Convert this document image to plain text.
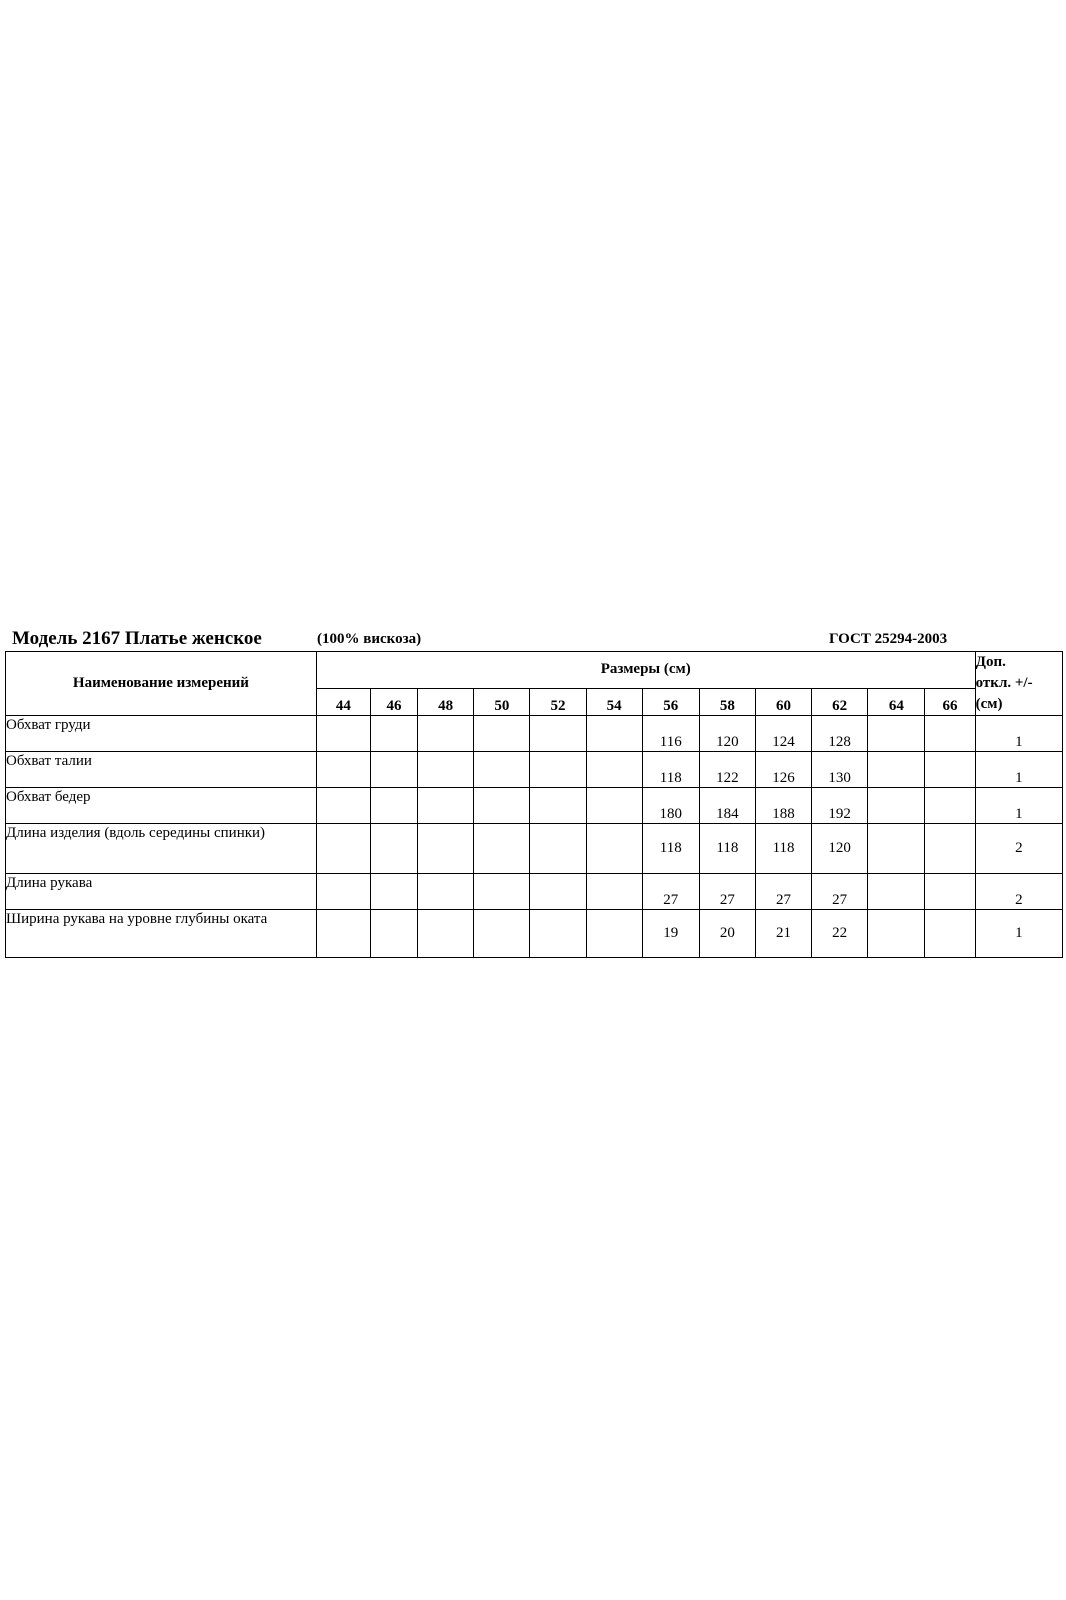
Модель 2167 Платье женское	(100% вискоза)	ГОСТ 25294-2003
Наименование измерений	Размеры (см)												Доп.
откл. +/-
(см)
	44	46	48	50	52	54	56	58	60	62	64	66	
Обхват груди							116	120	124	128			1
Обхват талии							118	122	126	130			1
Обхват бедер							180	184	188	192			1
Длина изделия (вдоль середины спинки)							118	118	118	120			2
Длина рукава							27	27	27	27			2
Ширина рукава на уровне глубины оката							19	20	21	22			1
